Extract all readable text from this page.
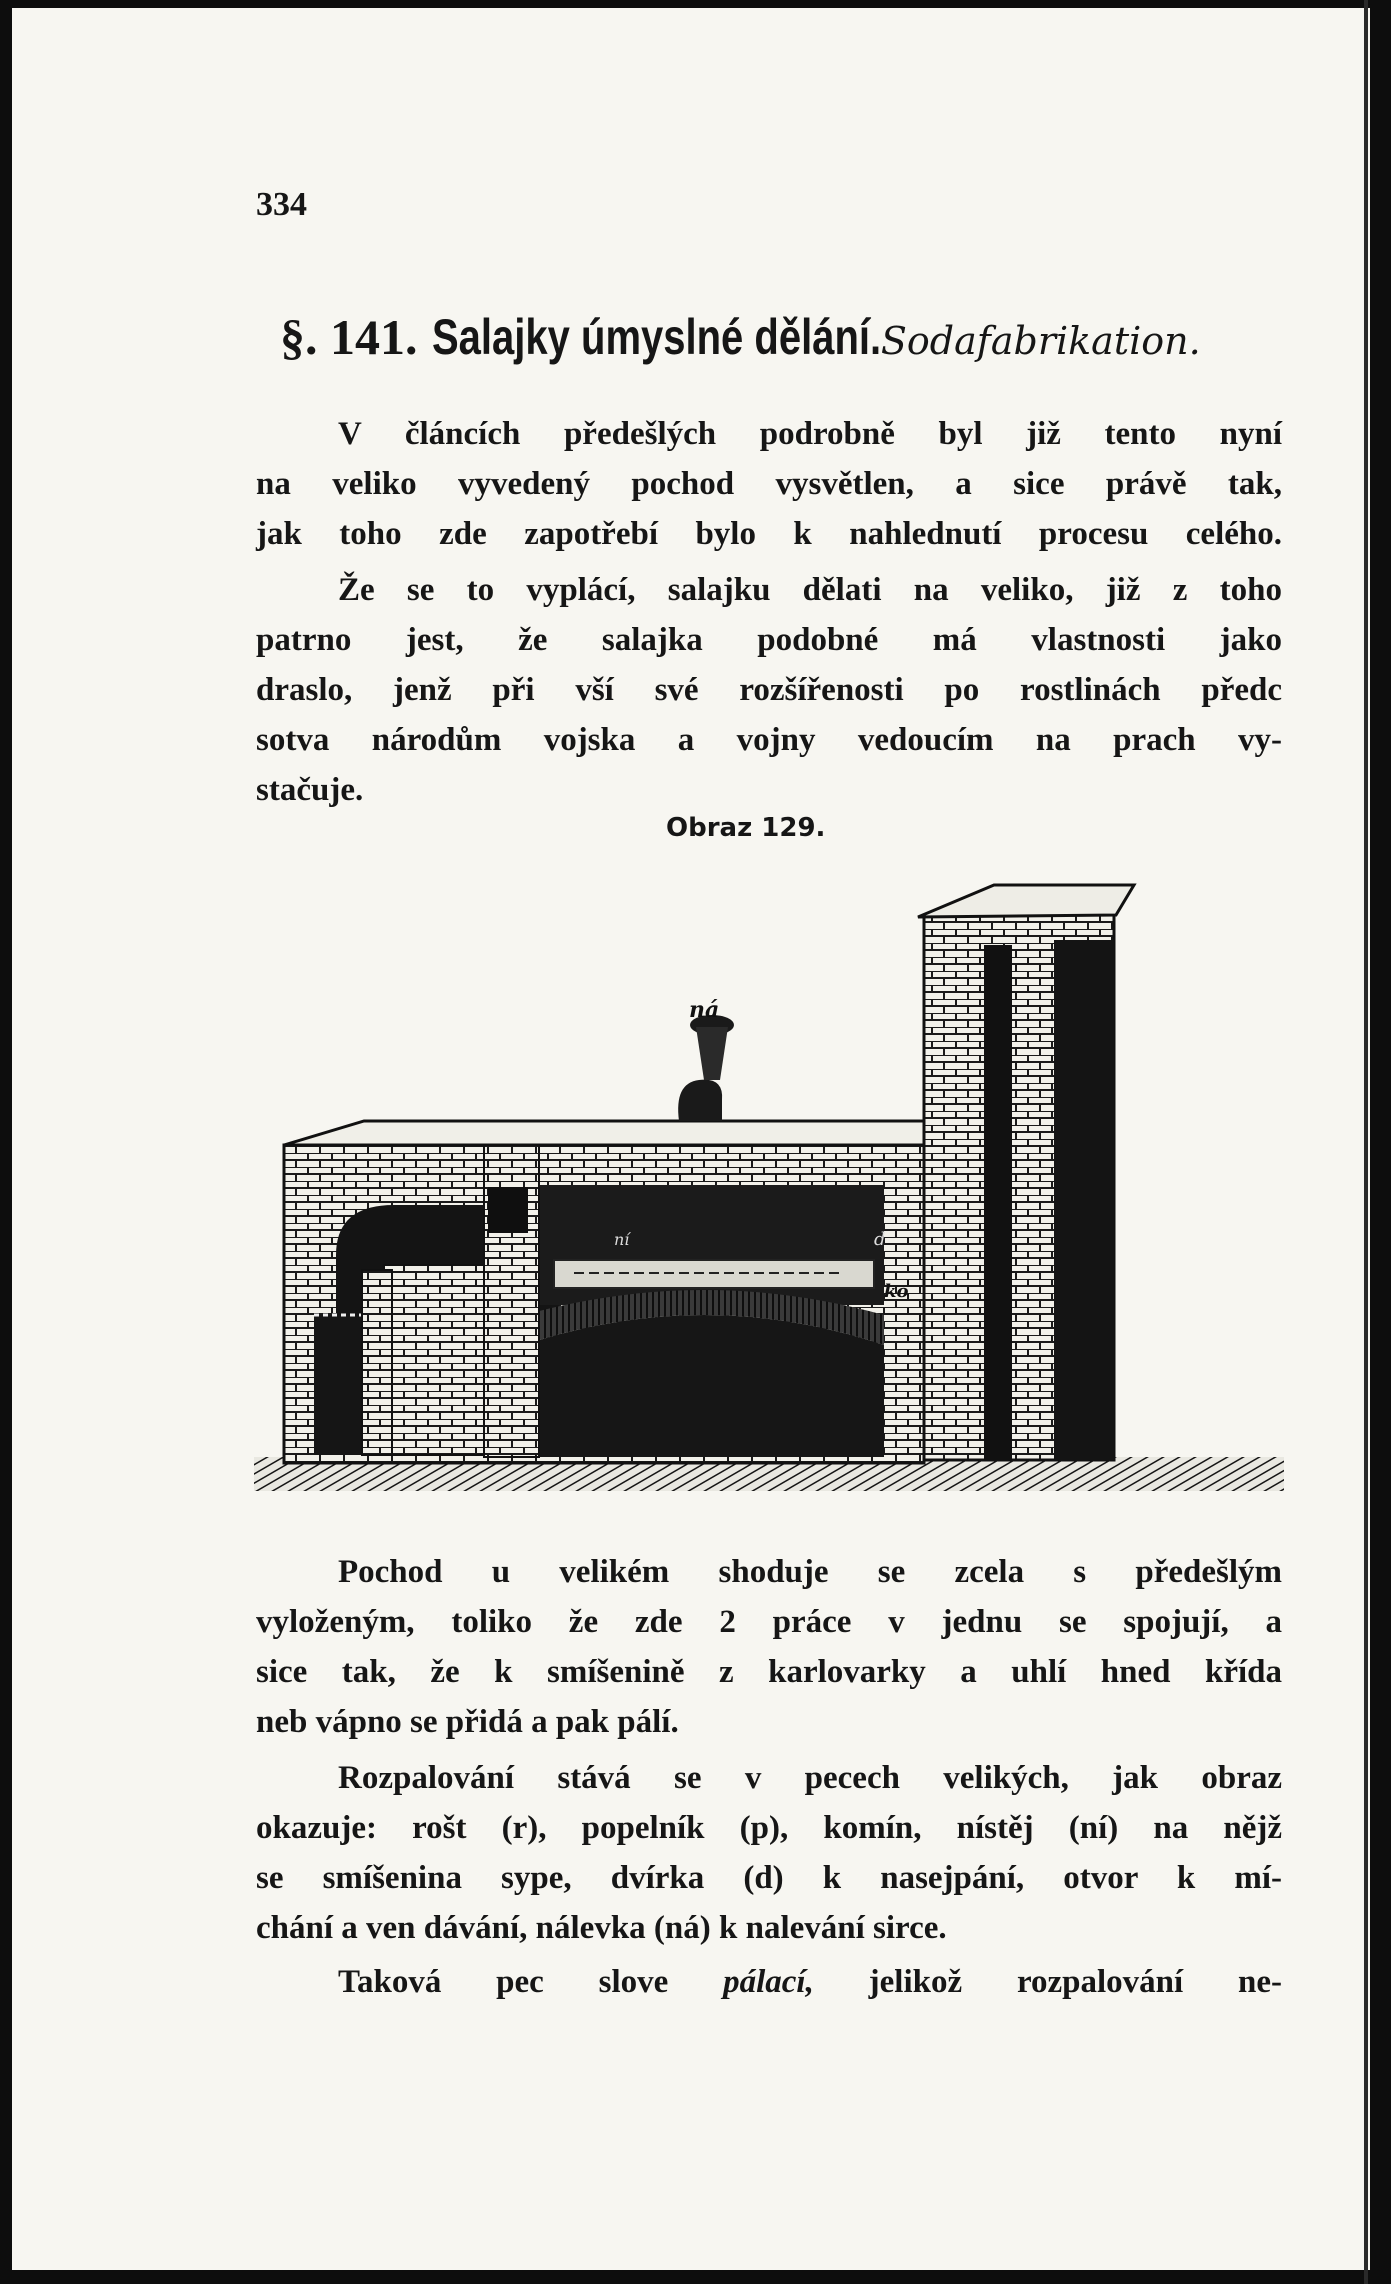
334
§. 141. Salajky úmyslné dělání.Sodafabrikation.
V článcích předešlých podrobně byl již tento nyní
na veliko vyvedený pochod vysvětlen, a sice právě tak,
jak toho zde zapotřebí bylo k nahlednutí procesu celého.
Že se to vyplácí, salajku dělati na veliko, již z toho
patrno jest, že salajka podobné má vlastnosti jako
draslo, jenž při vší své rozšířenosti po rostlinách předc
sotva národům vojska a vojny vedoucím na prach vy-
stačuje.
Obraz 129.
ná
ní	d
ko
Pochod u velikém shoduje se zcela s předešlým
vyloženým, toliko že zde 2 práce v jednu se spojují, a
sice tak, že k smíšenině z karlovarky a uhlí hned křída
neb vápno se přidá a pak pálí.
Rozpalování stává se v pecech velikých, jak obraz
okazuje: rošt (r), popelník (p), komín, nístěj (ní) na nějž
se smíšenina sype, dvírka (d) k nasejpání, otvor k mí-
chání a ven dávání, nálevka (ná) k nalevání sirce.
Taková pec slove pálací, jelikož rozpalování ne-
